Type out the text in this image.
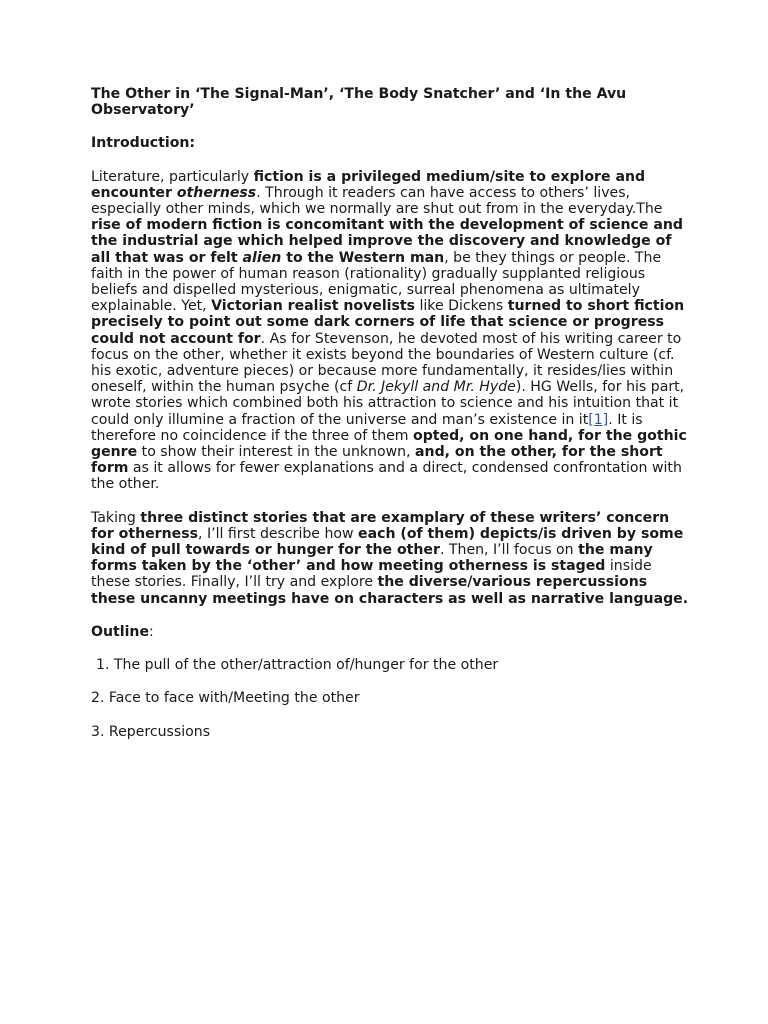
The Other in ‘The Signal-Man’, ‘The Body Snatcher’ and ‘In the Avu Observatory’
Introduction:

Literature, particularly fiction is a privileged medium/site to explore and encounter otherness. Through it readers can have access to others’ lives, especially other minds, which we normally are shut out from in the everyday.The rise of modern fiction is concomitant with the development of science and the industrial age which helped improve the discovery and knowledge of all that was or felt alien to the Western man, be they things or people. The faith in the power of human reason (rationality) gradually supplanted religious beliefs and dispelled mysterious, enigmatic, surreal phenomena as ultimately explainable. Yet, Victorian realist novelists like Dickens turned to short fiction precisely to point out some dark corners of life that science or progress could not account for. As for Stevenson, he devoted most of his writing career to focus on the other, whether it exists beyond the boundaries of Western culture (cf. his exotic, adventure pieces) or because more fundamentally, it resides/lies within oneself, within the human psyche (cf Dr. Jekyll and Mr. Hyde). HG Wells, for his part, wrote stories which combined both his attraction to science and his intuition that it could only illumine a fraction of the universe and man’s existence in it[1]. It is therefore no coincidence if the three of them opted, on one hand, for the gothic genre to show their interest in the unknown, and, on the other, for the short form as it allows for fewer explanations and a direct, condensed confrontation with the other.

Taking three distinct stories that are examplary of these writers’ concern for otherness, I’ll first describe how each (of them) depicts/is driven by some kind of pull towards or hunger for the other. Then, I’ll focus on the many forms taken by the ‘other’ and how meeting otherness is staged inside these stories. Finally, I’ll try and explore the diverse/various repercussions these uncanny meetings have on characters as well as narrative language.

Outline:

1. The pull of the other/attraction of/hunger for the other
2. Face to face with/Meeting the other
3. Repercussions
